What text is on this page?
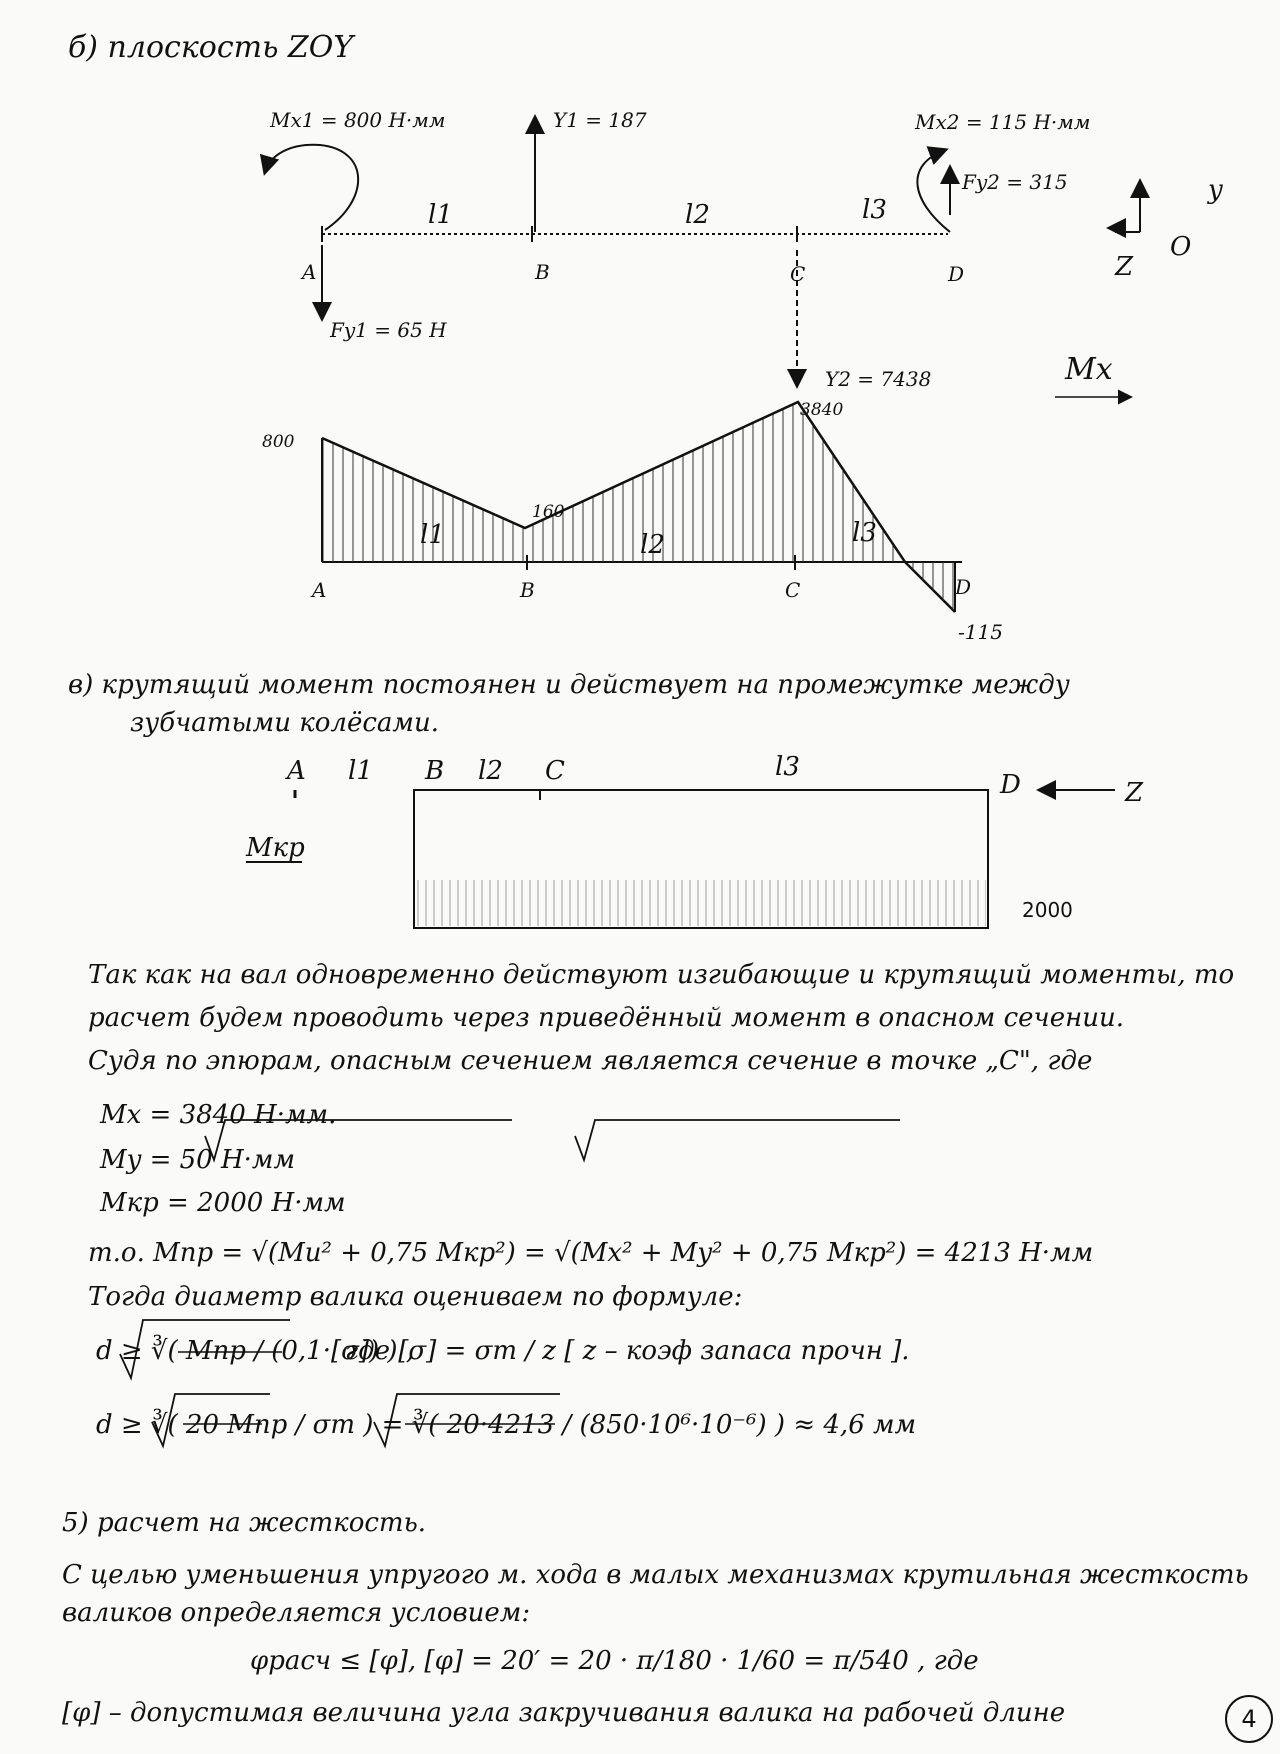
б) плоскость ZOY
Mx1 = 800 Н·мм	Y1 = 187	Mx2 = 115 Н·мм
Fy2 = 315
Fy1 = 65 Н
Y2 = 7438
l1	l2	l3
A	B	C	D
y
Z
O
Mx
800
160
3840
-115
l1	l2	l3
A	B	C	D
в) крутящий момент постоянен и действует на промежутке между
зубчатыми колёсами.
A l1 B l2 C	l3
D	Z
Mкр
2000
Так как на вал одновременно действуют изгибающие и крутящий моменты, то
расчет будем проводить через приведённый момент в опасном сечении.
Судя по эпюрам, опасным сечением является сечение в точке „C", где
Mx = 3840 Н·мм.
My = 50 Н·мм
Mкр = 2000 Н·мм
т.о. Mпр = √(Mи² + 0,75 Mкр²) = √(Mx² + My² + 0,75 Mкр²) = 4213 Н·мм
Тогда диаметр валика оцениваем по формуле:
d ≥ ∛( Mпр / (0,1·[σ]) ) ,
где [σ] = σт / z [ z – коэф запаса прочн ].
d ≥ ∛( 20 Mпр / σт ) = ∛( 20·4213 / (850·10⁶·10⁻⁶) ) ≈ 4,6 мм
5) расчет на жесткость.
С целью уменьшения упругого м. хода в малых механизмах крутильная жесткость
валиков определяется условием:
φрасч ≤ [φ], [φ] = 20′ = 20 · π/180 · 1/60 = π/540 , где
[φ] – допустимая величина угла закручивания валика на рабочей длине	4
